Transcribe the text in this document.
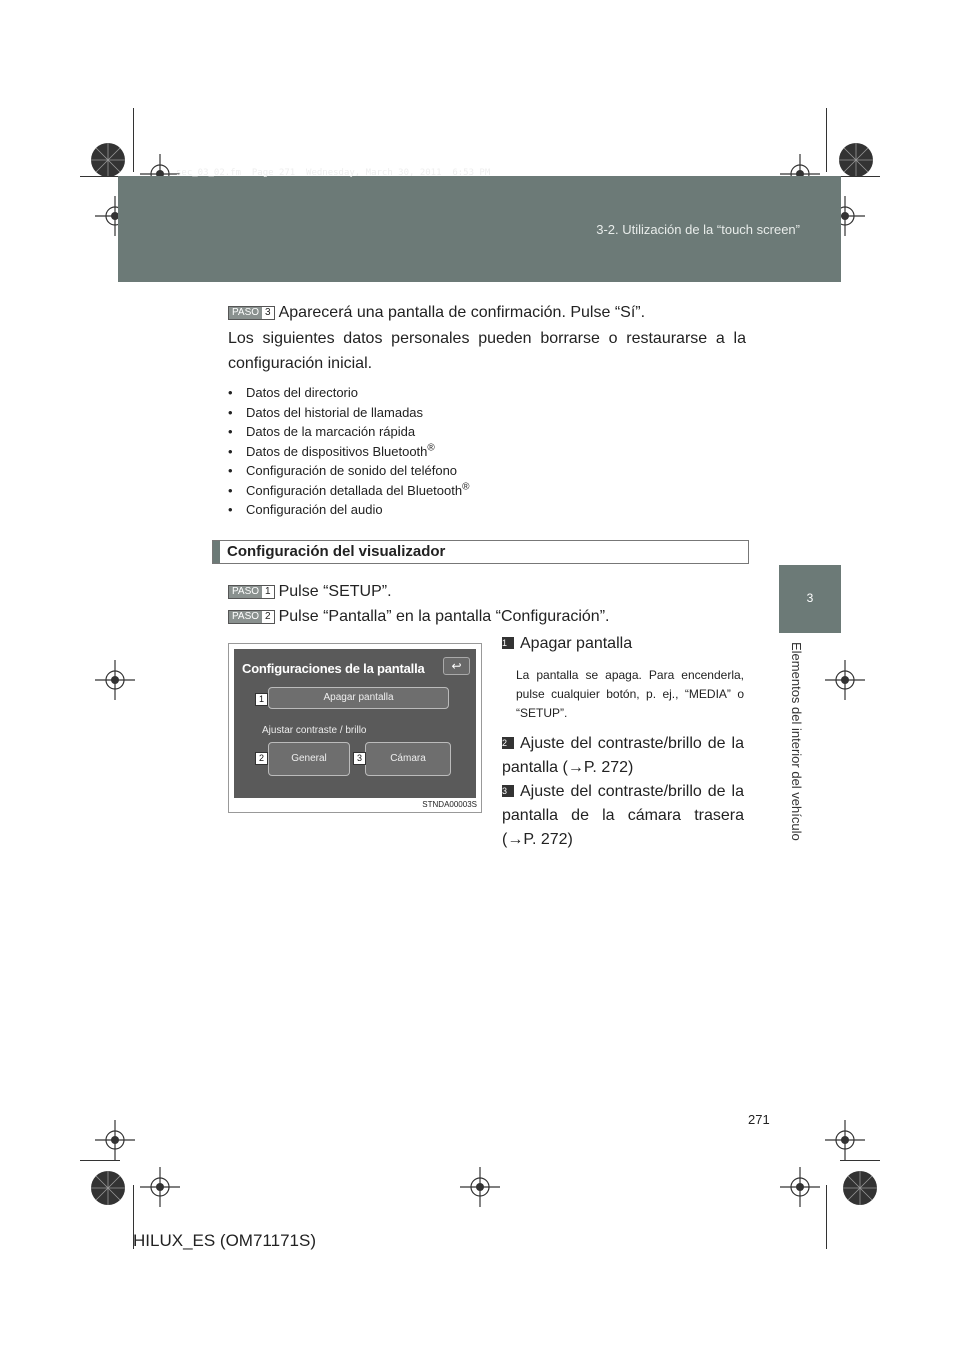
sec_03_02.fm  Page 271  Wednesday, March 30, 2011  6:53 PM
3-2. Utilización de la “touch screen”
3
Elementos del interior del vehículo
PASO 3 Aparecerá una pantalla de confirmación. Pulse “Sí”.

Los siguientes datos personales pueden borrarse o restaurarse a la configuración inicial.

• Datos del directorio
• Datos del historial de llamadas
• Datos de la marcación rápida
• Datos de dispositivos Bluetooth®
• Configuración de sonido del teléfono
• Configuración detallada del Bluetooth®
• Configuración del audio
Configuración del visualizador
PASO 1 Pulse “SETUP”.
PASO 2 Pulse “Pantalla” en la pantalla “Configuración”.
Configuraciones de la pantalla	↩
Apagar pantalla
Ajustar contraste / brillo
General	Cámara
1
2	3
STNDA00003S
1 Apagar pantalla
La pantalla se apaga. Para encenderla, pulse cualquier botón, p. ej., “MEDIA” o “SETUP”.
2 Ajuste del contraste/brillo de la pantalla (→P. 272)
3 Ajuste del contraste/brillo de la pantalla de la cámara trasera (→P. 272)
271
HILUX_ES (OM71171S)
